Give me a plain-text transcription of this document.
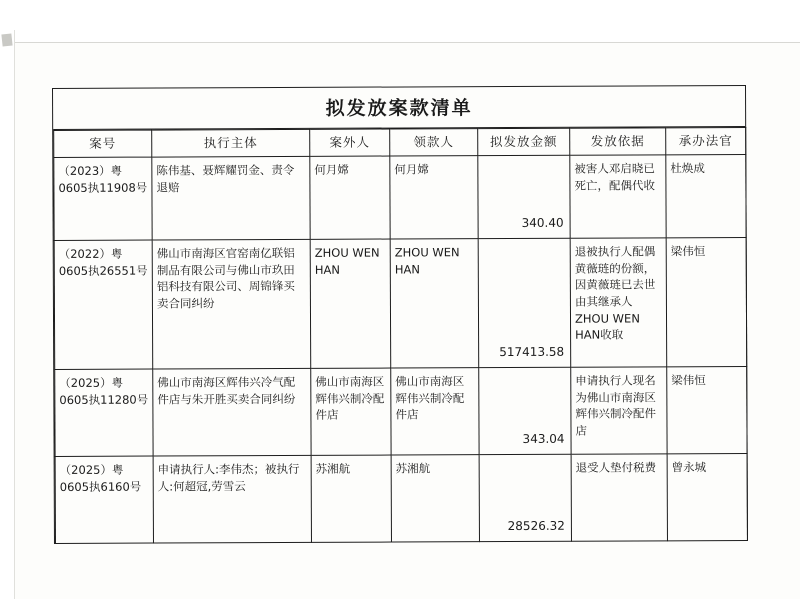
拟发放案款清单
案号	执行主体	案外人	领款人	拟发放金额	发放依据	承办法官
（2023）粤0605执11908号	陈伟基、聂辉耀罚金、责令退赔	何月嫦	何月嫦	340.40	被害人邓启晓已死亡，配偶代收	杜焕成
（2022）粤0605执26551号	佛山市南海区官窑南亿联铝制品有限公司与佛山市玖田铝科技有限公司、周锦锋买卖合同纠纷	ZHOU WEN HAN	ZHOU WEN HAN	517413.58	退被执行人配偶黄薇琏的份额，因黄薇琏已去世由其继承人ZHOU WEN HAN收取	梁伟恒
（2025）粤0605执11280号	佛山市南海区辉伟兴冷气配件店与朱开胜买卖合同纠纷	佛山市南海区辉伟兴制冷配件店	佛山市南海区辉伟兴制冷配件店	343.04	申请执行人现名为佛山市南海区辉伟兴制冷配件店	梁伟恒
（2025）粤0605执6160号	申请执行人:李伟杰；被执行人:何超冠,劳雪云	苏湘航	苏湘航	28526.32	退受人垫付税费	曾永城
